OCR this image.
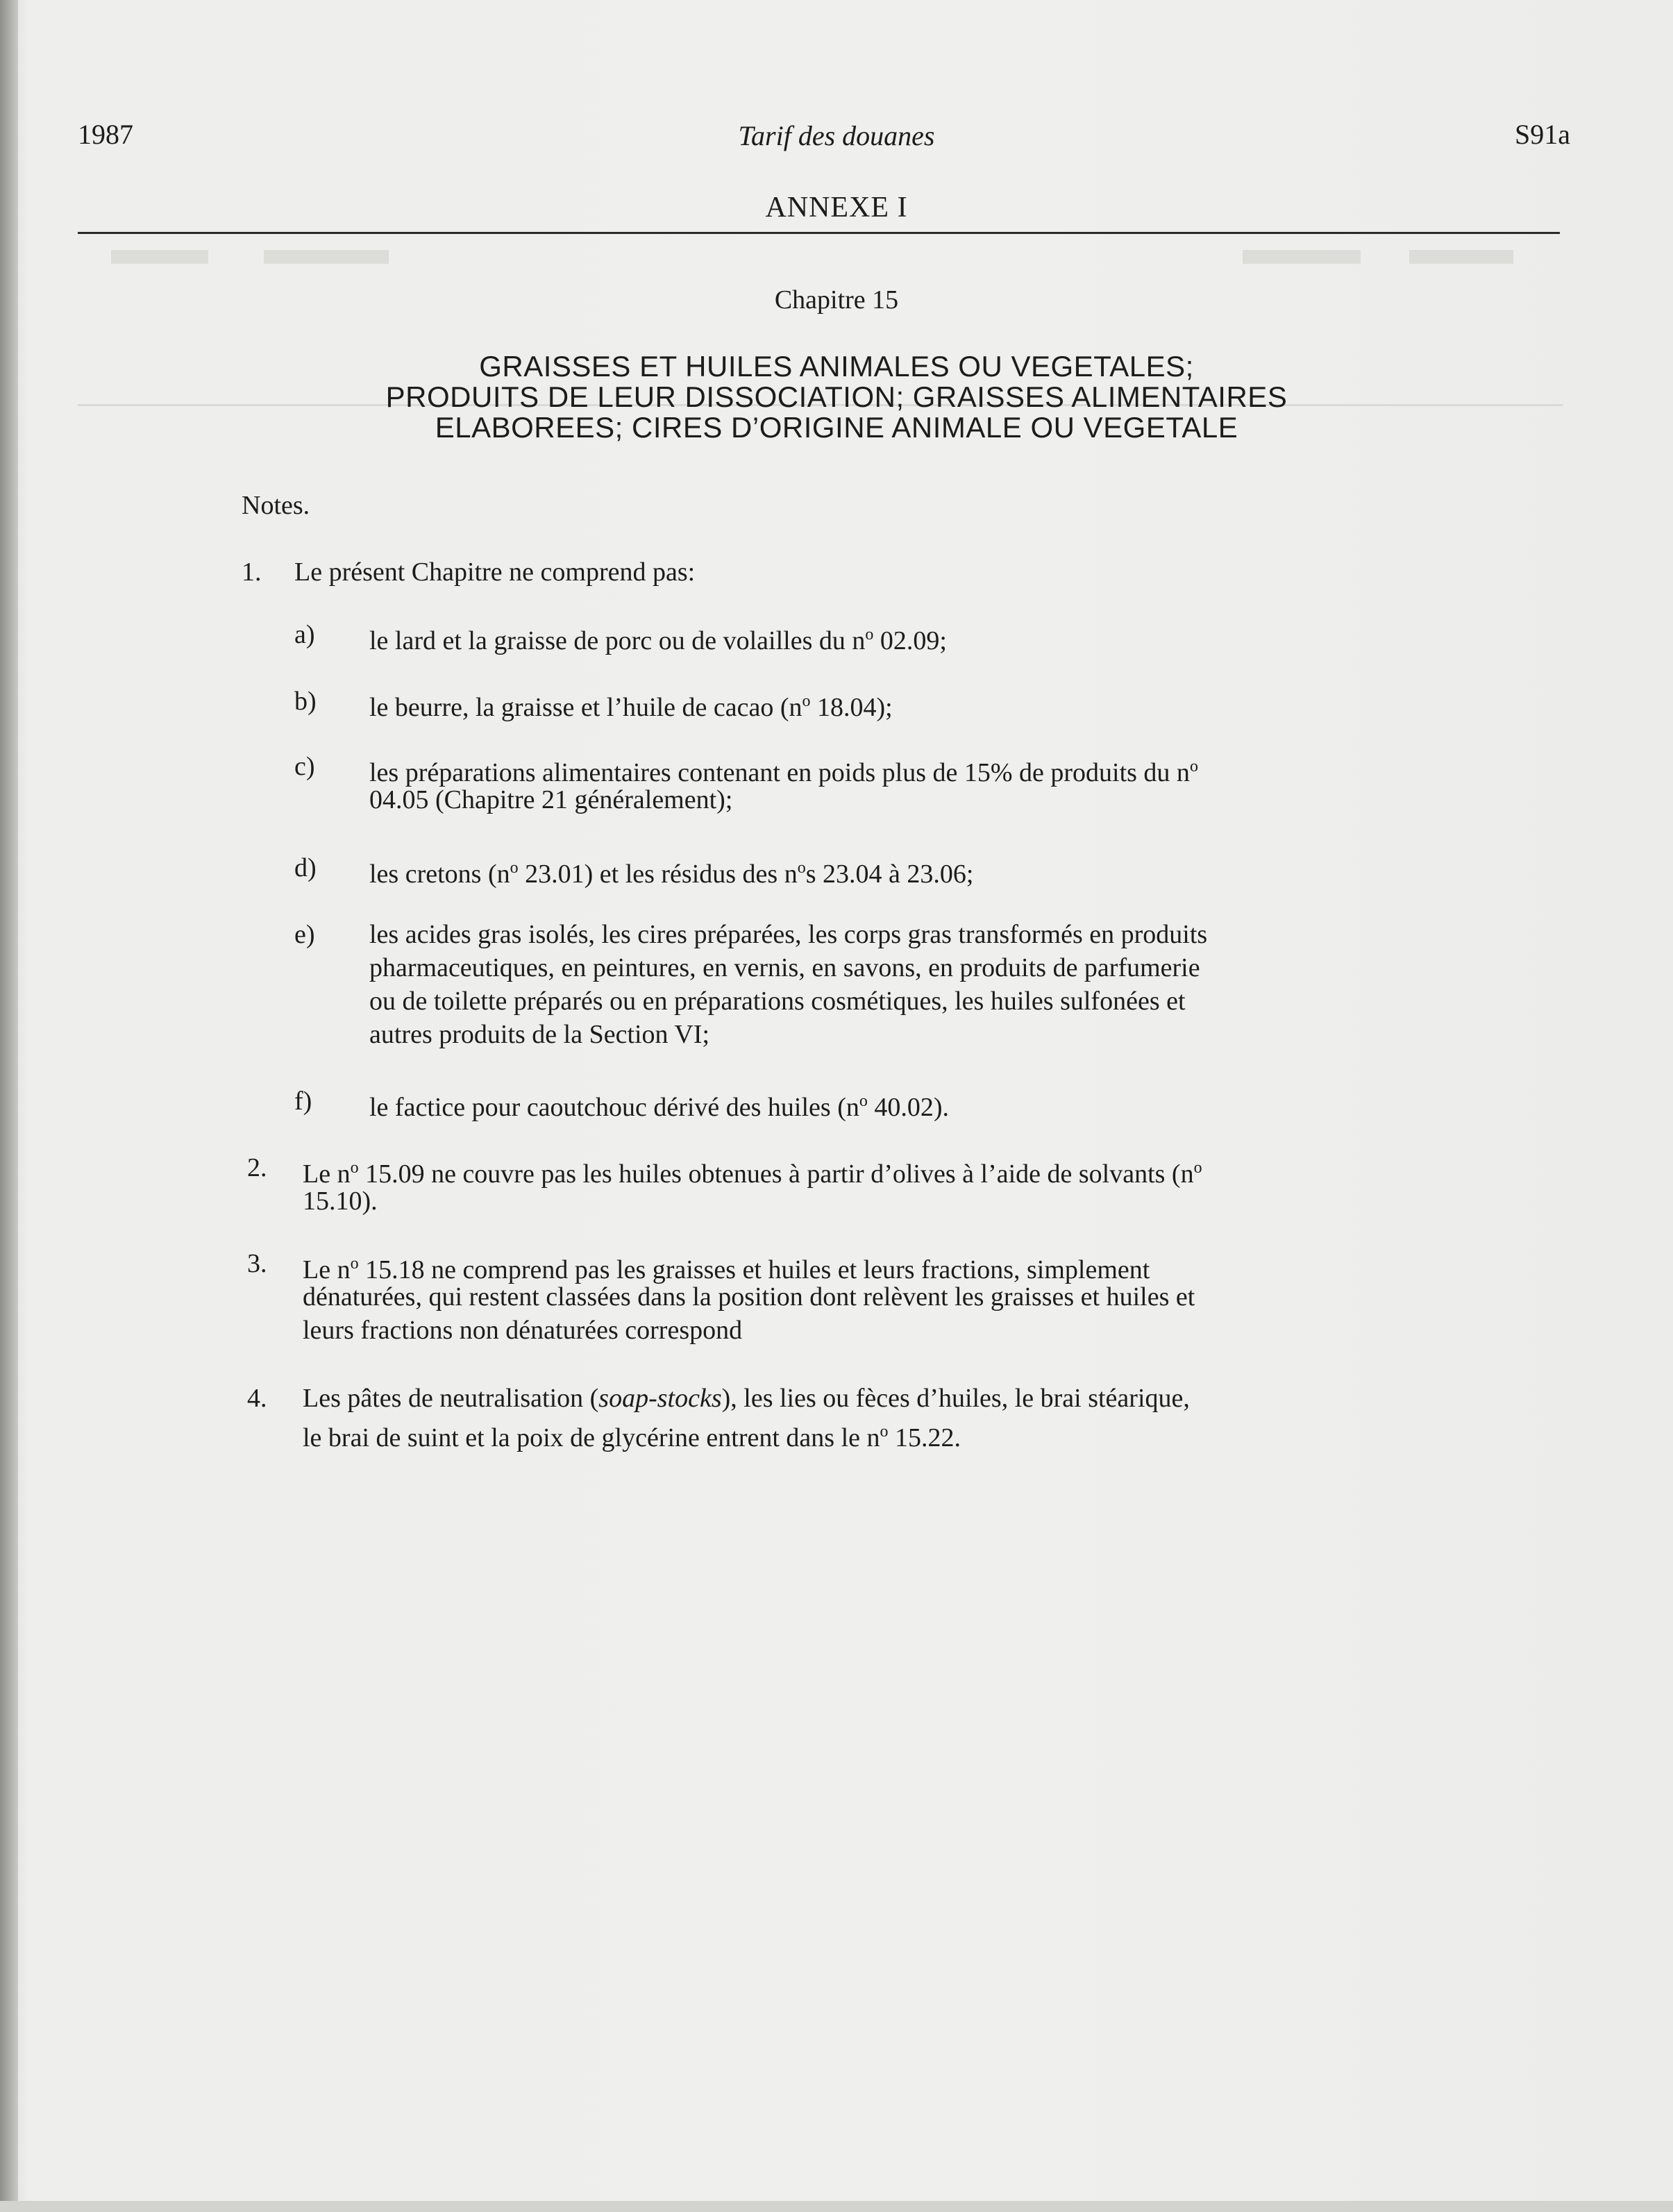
1987	Tarif des douanes	S91a
ANNEXE I
Chapitre 15
GRAISSES ET HUILES ANIMALES OU VEGETALES;
PRODUITS DE LEUR DISSOCIATION; GRAISSES ALIMENTAIRES
ELABOREES; CIRES D’ORIGINE ANIMALE OU VEGETALE
Notes.
1. Le présent Chapitre ne comprend pas:
a) le lard et la graisse de porc ou de volailles du $n^o$ 02.09;
b) le beurre, la graisse et l’huile de cacao ($n^o$ 18.04);
c) les préparations alimentaires contenant en poids plus de 15% de produits du $n^o$
04.05 (Chapitre 21 généralement);
d) les cretons ($n^o$ 23.01) et les résidus des $n^os$ 23.04 à 23.06;
e) les acides gras isolés, les cires préparées, les corps gras transformés en produits
pharmaceutiques, en peintures, en vernis, en savons, en produits de parfumerie
ou de toilette préparés ou en préparations cosmétiques, les huiles sulfonées et
autres produits de la Section VI;
f) le factice pour caoutchouc dérivé des huiles ($n^o$ 40.02).
2. Le $n^o$ 15.09 ne couvre pas les huiles obtenues à partir d’olives à l’aide de solvants ($n^o$
15.10).
3. Le $n^o$ 15.18 ne comprend pas les graisses et huiles et leurs fractions, simplement
dénaturées, qui restent classées dans la position dont relèvent les graisses et huiles et
leurs fractions non dénaturées correspond
4. Les pâtes de neutralisation (soap-stocks), les lies ou fèces d’huiles, le brai stéarique,
le brai de suint et la poix de glycérine entrent dans le $n^o$ 15.22.
